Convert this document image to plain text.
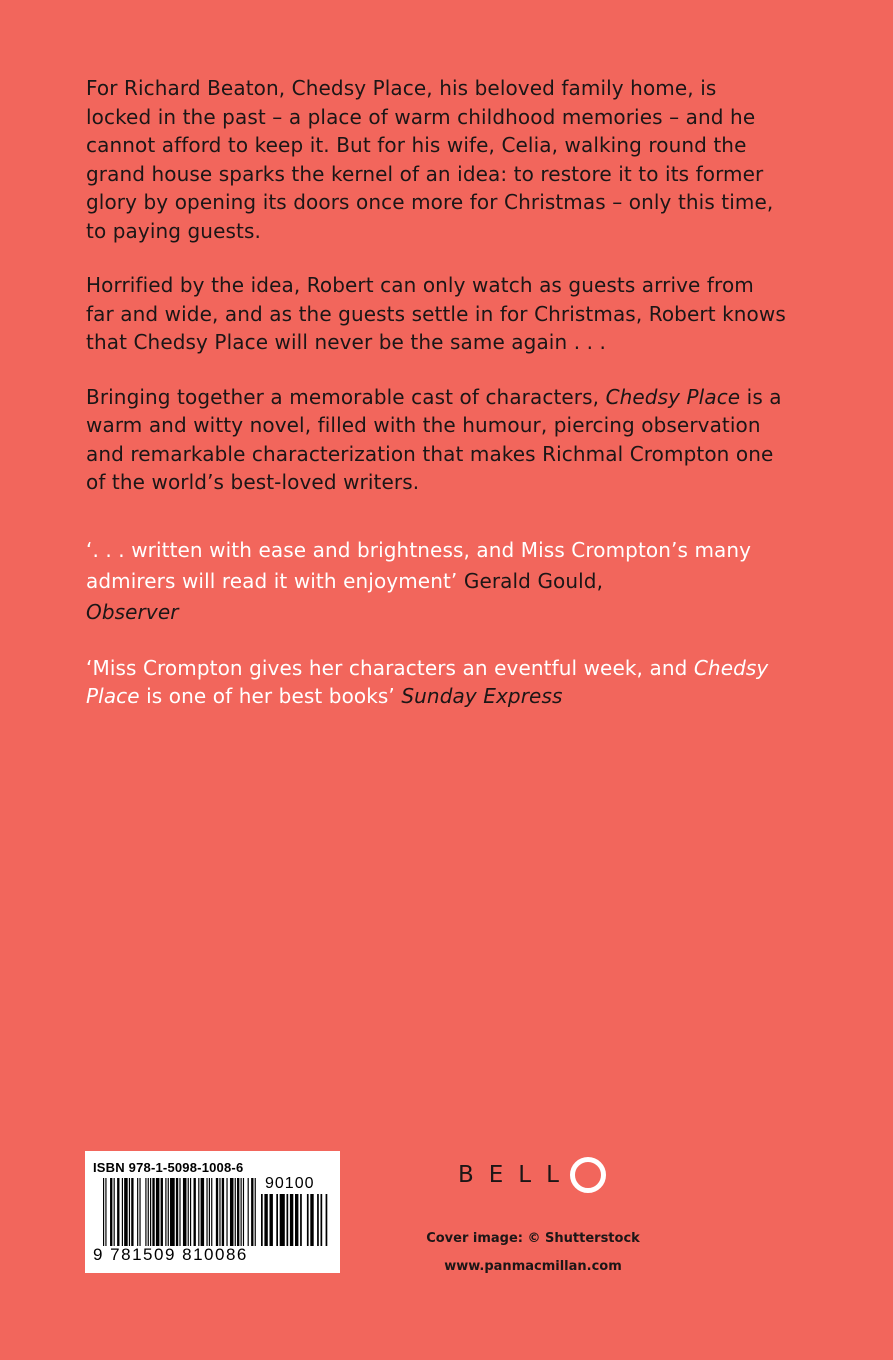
For Richard Beaton, Chedsy Place, his beloved family home, is locked in the past – a place of warm childhood memories – and he cannot afford to keep it. But for his wife, Celia, walking round the grand house sparks the kernel of an idea: to restore it to its former glory by opening its doors once more for Christmas – only this time, to paying guests.

Horrified by the idea, Robert can only watch as guests arrive from far and wide, and as the guests settle in for Christmas, Robert knows that Chedsy Place will never be the same again . . .

Bringing together a memorable cast of characters, Chedsy Place is a warm and witty novel, filled with the humour, piercing observation and remarkable characterization that makes Richmal Crompton one of the world’s best-loved writers.

‘. . . written with ease and brightness, and Miss Crompton’s many admirers will read it with enjoyment’ Gerald Gould,
Observer

‘Miss Crompton gives her characters an eventful week, and Chedsy Place is one of her best books’ Sunday Express

ISBN 978-1-5098-1008-6
90100
9 781509 810086
BELL
Cover image: © Shutterstock
www.panmacmillan.com
